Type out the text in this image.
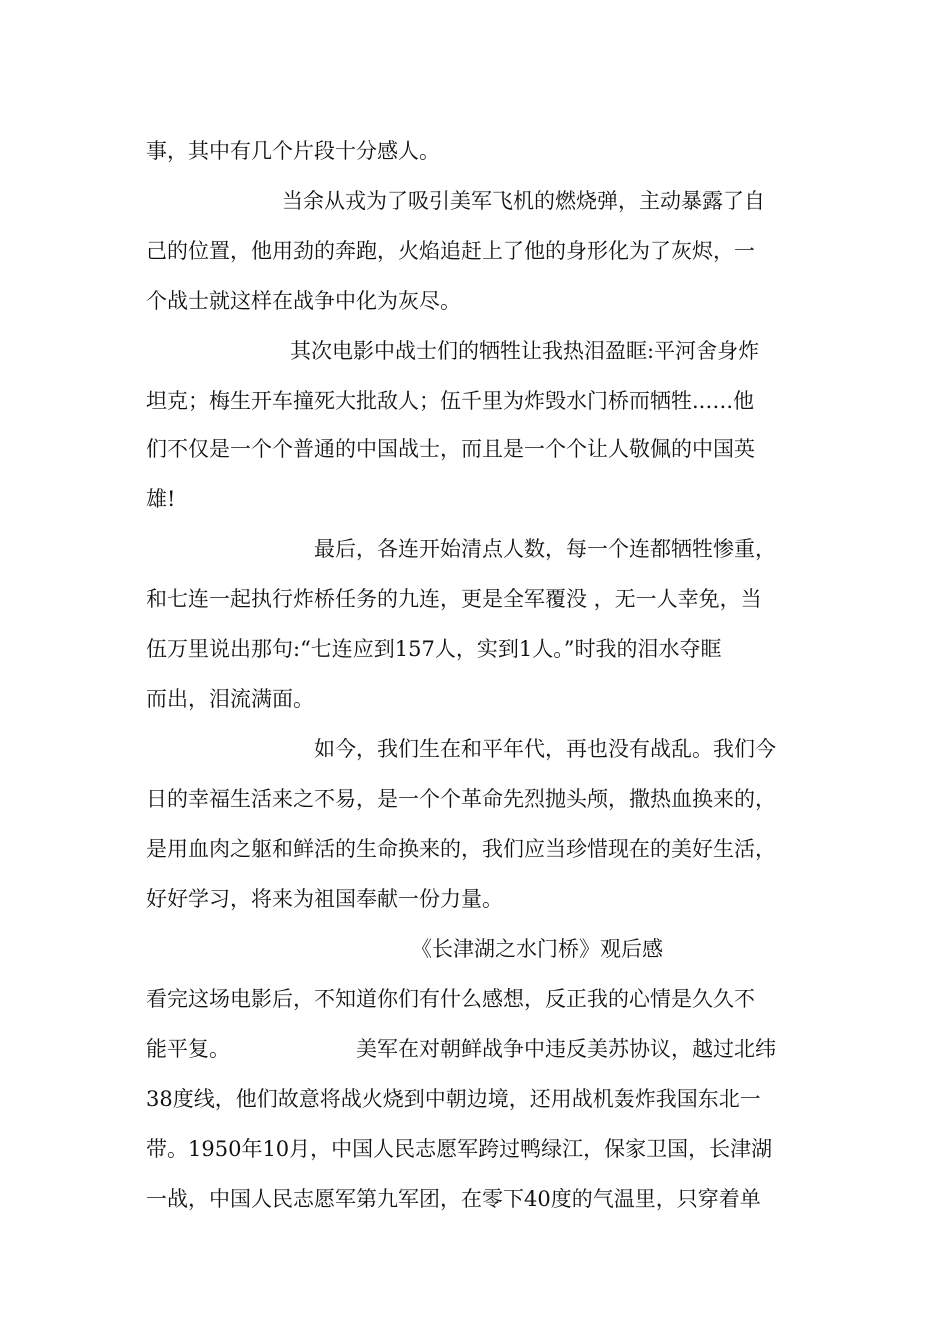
事，其中有几个片段十分感人。

当余从戎为了吸引美军飞机的燃烧弹，主动暴露了自

己的位置，他用劲的奔跑，火焰追赶上了他的身形化为了灰烬，一

个战士就这样在战争中化为灰尽。

其次电影中战士们的牺牲让我热泪盈眶:平河舍身炸

坦克；梅生开车撞死大批敌人；伍千里为炸毁水门桥而牺牲..….他

们不仅是一个个普通的中国战士，而且是一个个让人敬佩的中国英

雄!

最后，各连开始清点人数，每一个连都牺牲惨重，

和七连一起执行炸桥任务的九连，更是全军覆没 ，无一人幸免，当

伍万里说出那句:“七连应到157人，实到1人。”时我的泪水夺眶

而出，泪流满面。

如今，我们生在和平年代，再也没有战乱。我们今

日的幸福生活来之不易，是一个个革命先烈抛头颅，撒热血换来的，

是用血肉之躯和鲜活的生命换来的，我们应当珍惜现在的美好生活，

好好学习，将来为祖国奉献一份力量。

《长津湖之水门桥》观后感

看完这场电影后，不知道你们有什么感想，反正我的心情是久久不

能平复。	美军在对朝鲜战争中违反美苏协议，越过北纬

38度线，他们故意将战火烧到中朝边境，还用战机轰炸我国东北一

带。1950年10月，中国人民志愿军跨过鸭绿江，保家卫国，长津湖

一战，中国人民志愿军第九军团，在零下40度的气温里，只穿着单
